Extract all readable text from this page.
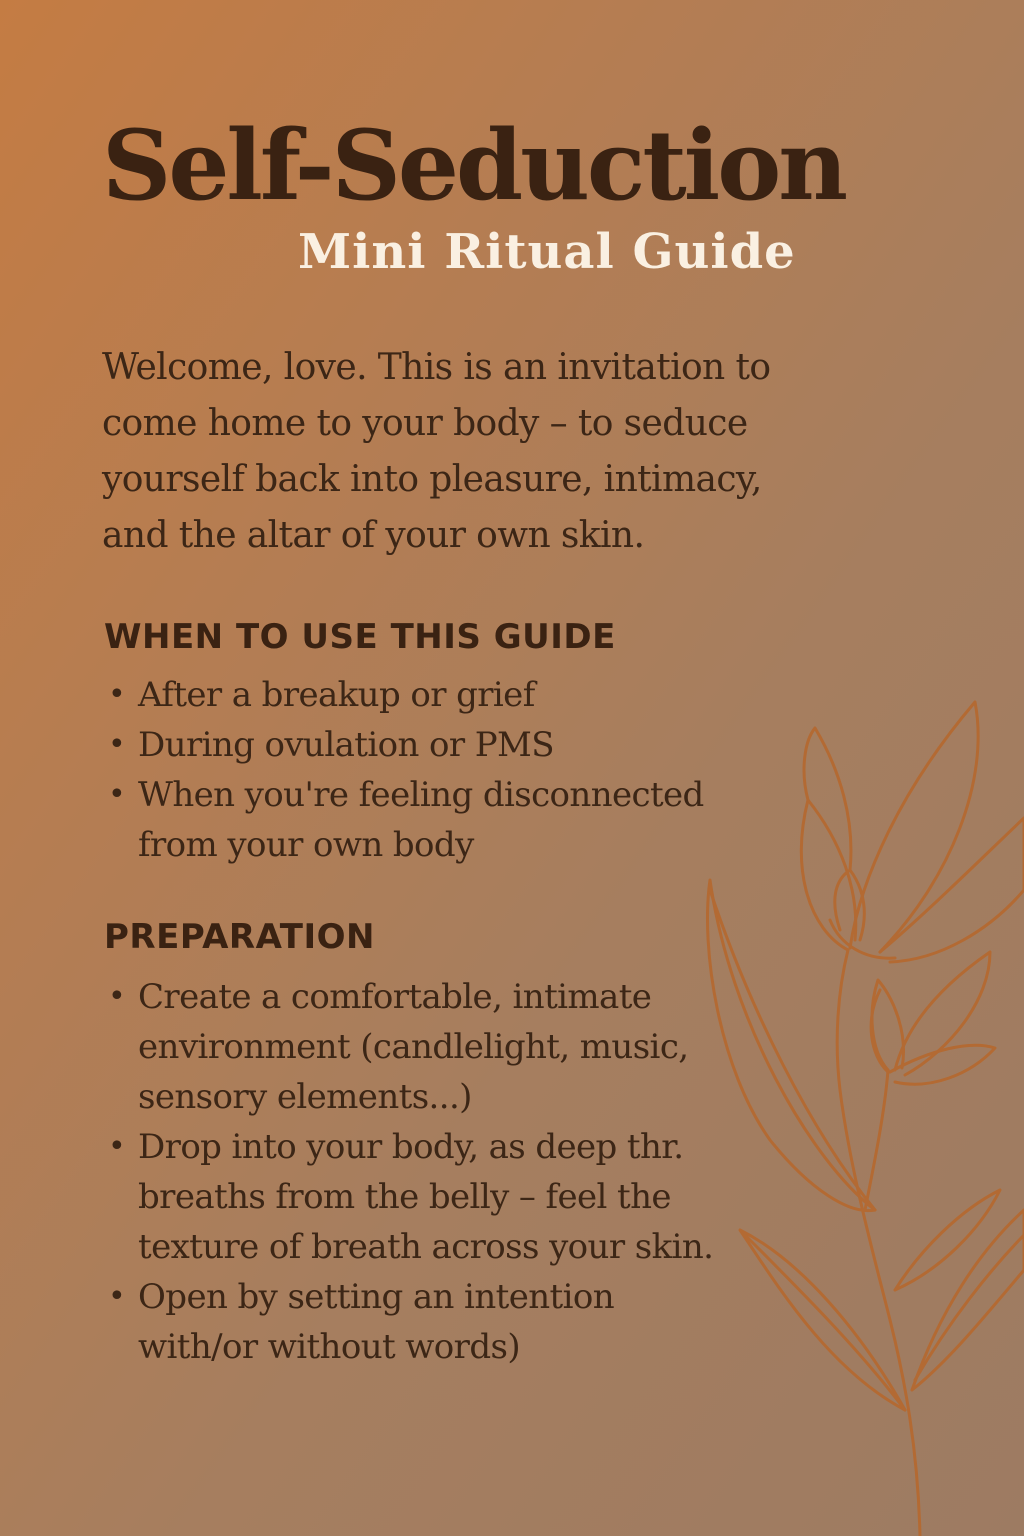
Self-Seduction
Mini Ritual Guide

Welcome, love. This is an invitation to
come home to your body – to seduce
yourself back into pleasure, intimacy,
and the altar of your own skin.

WHEN TO USE THIS GUIDE
• After a breakup or grief
• During ovulation or PMS
• When you're feeling disconnected
from your own body
PREPARATION
• Create a comfortable, intimate
environment (candlelight, music,
sensory elements...)
• Drop into your body, as deep thr.
breaths from the belly – feel the
texture of breath across your skin.
• Open by setting an intention
with/or without words)
